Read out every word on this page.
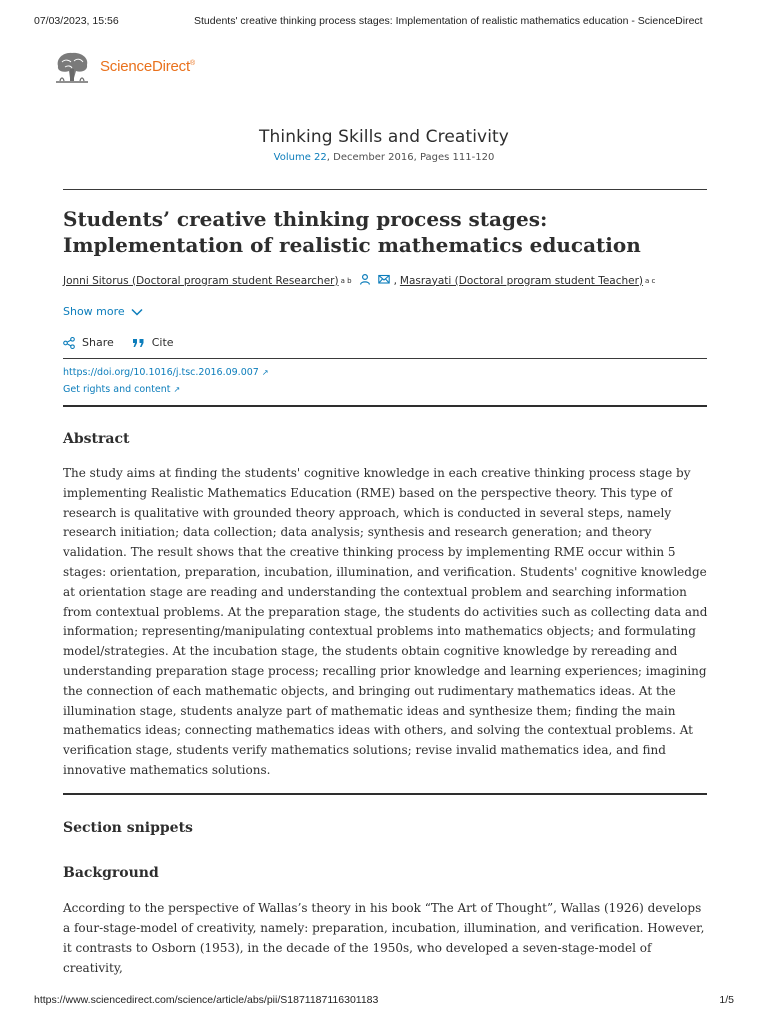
07/03/2023, 15:56	Students' creative thinking process stages: Implementation of realistic mathematics education - ScienceDirect
ScienceDirect®
Thinking Skills and Creativity
Volume 22, December 2016, Pages 111-120
Students’ creative thinking process stages: Implementation of realistic mathematics education
Jonni Sitorus (Doctoral program student Researcher) a b	, Masrayati (Doctoral program student Teacher) a c
Show more
Share	Cite
https://doi.org/10.1016/j.tsc.2016.09.007 ↗
Get rights and content ↗
Abstract

The study aims at finding the students' cognitive knowledge in each creative thinking process stage by implementing Realistic Mathematics Education (RME) based on the perspective theory. This type of research is qualitative with grounded theory approach, which is conducted in several steps, namely research initiation; data collection; data analysis; synthesis and research generation; and theory validation. The result shows that the creative thinking process by implementing RME occur within 5 stages: orientation, preparation, incubation, illumination, and verification. Students' cognitive knowledge at orientation stage are reading and understanding the contextual problem and searching information from contextual problems. At the preparation stage, the students do activities such as collecting data and information; representing/manipulating contextual problems into mathematics objects; and formulating model/strategies. At the incubation stage, the students obtain cognitive knowledge by rereading and understanding preparation stage process; recalling prior knowledge and learning experiences; imagining the connection of each mathematic objects, and bringing out rudimentary mathematics ideas. At the illumination stage, students analyze part of mathematic ideas and synthesize them; finding the main mathematics ideas; connecting mathematics ideas with others, and solving the contextual problems. At verification stage, students verify mathematics solutions; revise invalid mathematics idea, and find innovative mathematics solutions.

Section snippets
Background

According to the perspective of Wallas’s theory in his book “The Art of Thought”, Wallas (1926) develops a four-stage-model of creativity, namely: preparation, incubation, illumination, and verification. However, it contrasts to Osborn (1953), in the decade of the 1950s, who developed a seven-stage-model of creativity,

https://www.sciencedirect.com/science/article/abs/pii/S1871187116301183	1/5
